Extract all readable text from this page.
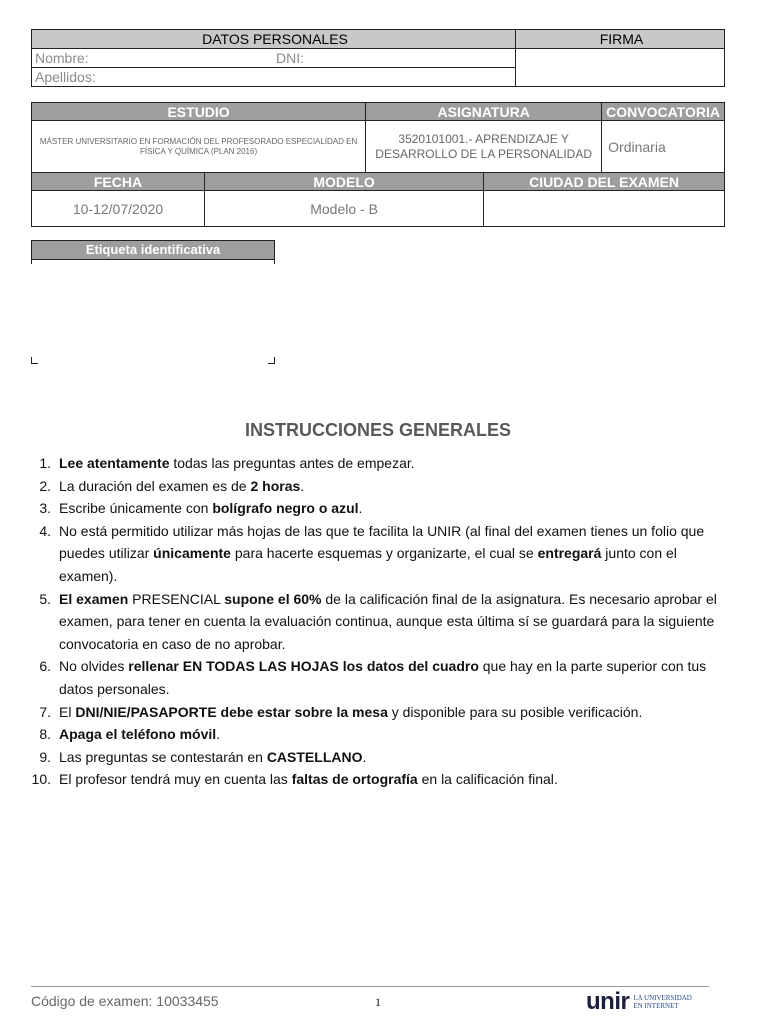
DATOS PERSONALES	FIRMA
Nombre: DNI:	

Apellidos:	
ESTUDIO		ASIGNATURA		CONVOCATORIA
MÁSTER UNIVERSITARIO EN FORMACIÓN DEL PROFESORADO ESPECIALIDAD EN FÍSICA Y QUÍMICA (PLAN 2016)		3520101001.- APRENDIZAJE Y DESARROLLO DE LA PERSONALIDAD		Ordinaria
FECHA	MODELO		CIUDAD DEL EXAMEN	
10-12/07/2020	Modelo - B			
Etiqueta identificativa
INSTRUCCIONES GENERALES
1. Lee atentamente todas las preguntas antes de empezar.
2. La duración del examen es de 2 horas.
3. Escribe únicamente con bolígrafo negro o azul.
4. No está permitido utilizar más hojas de las que te facilita la UNIR (al final del examen tienes un folio que puedes utilizar únicamente para hacerte esquemas y organizarte, el cual se entregará junto con el examen).
5. El examen PRESENCIAL supone el 60% de la calificación final de la asignatura. Es necesario aprobar el examen, para tener en cuenta la evaluación continua, aunque esta última sí se guardará para la siguiente convocatoria en caso de no aprobar.
6. No olvides rellenar EN TODAS LAS HOJAS los datos del cuadro que hay en la parte superior con tus datos personales.
7. El DNI/NIE/PASAPORTE debe estar sobre la mesa y disponible para su posible verificación.
8. Apaga el teléfono móvil.
9. Las preguntas se contestarán en CASTELLANO.
10. El profesor tendrá muy en cuenta las faltas de ortografía en la calificación final.
Código de examen: 10033455	1	unir LA UNIVERSIDAD
EN INTERNET
